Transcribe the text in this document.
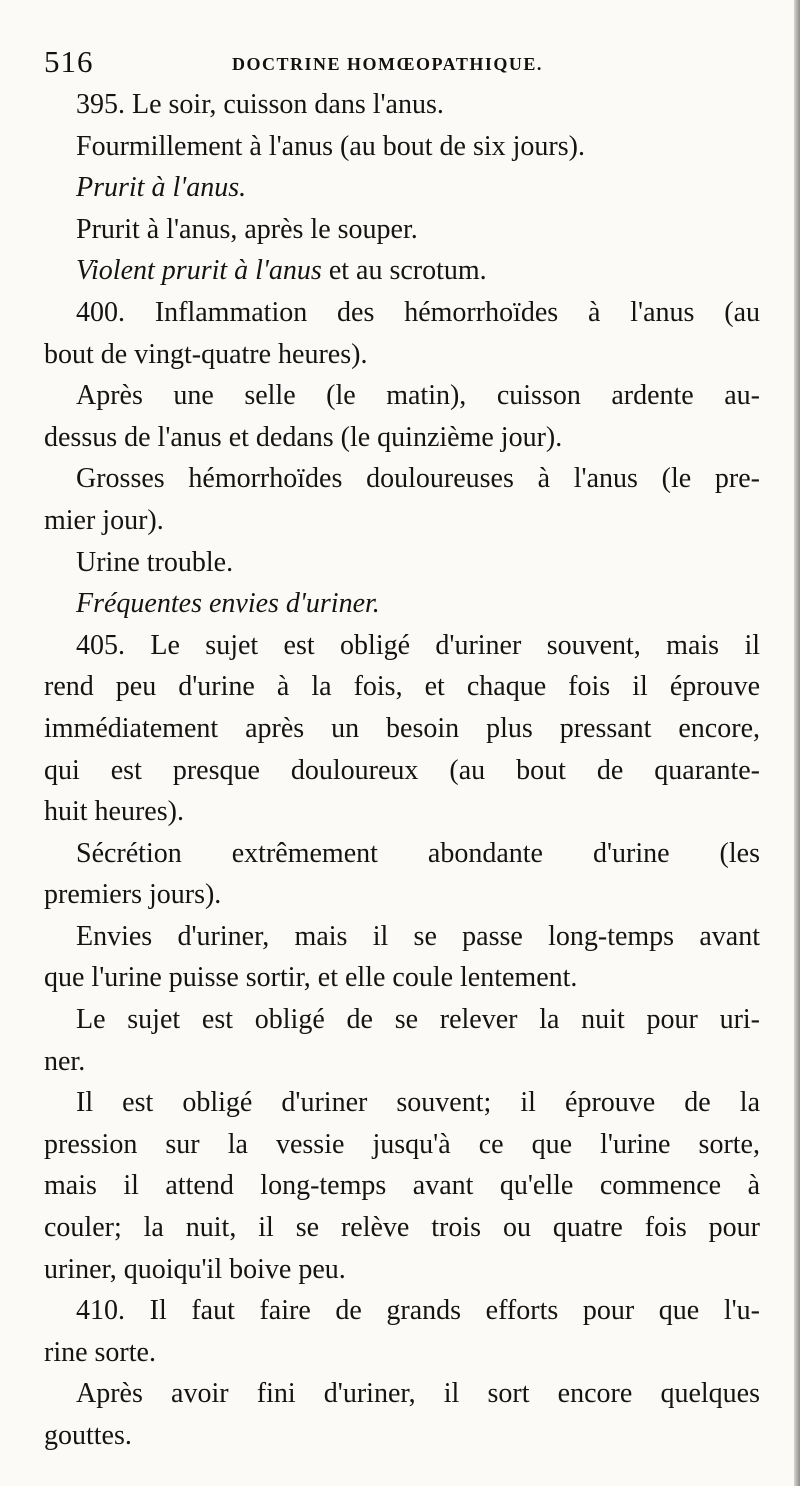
516	DOCTRINE HOMŒOPATHIQUE.
395. Le soir, cuisson dans l'anus.
Fourmillement à l'anus (au bout de six jours).
Prurit à l'anus.
Prurit à l'anus, après le souper.
Violent prurit à l'anus et au scrotum.
400. Inflammation des hémorrhoïdes à l'anus (au
bout de vingt-quatre heures).
Après une selle (le matin), cuisson ardente au-
dessus de l'anus et dedans (le quinzième jour).
Grosses hémorrhoïdes douloureuses à l'anus (le pre-
mier jour).
Urine trouble.
Fréquentes envies d'uriner.
405. Le sujet est obligé d'uriner souvent, mais il
rend peu d'urine à la fois, et chaque fois il éprouve
immédiatement après un besoin plus pressant encore,
qui est presque douloureux (au bout de quarante-
huit heures).
Sécrétion extrêmement abondante d'urine (les
premiers jours).
Envies d'uriner, mais il se passe long-temps avant
que l'urine puisse sortir, et elle coule lentement.
Le sujet est obligé de se relever la nuit pour uri-
ner.
Il est obligé d'uriner souvent; il éprouve de la
pression sur la vessie jusqu'à ce que l'urine sorte,
mais il attend long-temps avant qu'elle commence à
couler; la nuit, il se relève trois ou quatre fois pour
uriner, quoiqu'il boive peu.
410. Il faut faire de grands efforts pour que l'u-
rine sorte.
Après avoir fini d'uriner, il sort encore quelques
gouttes.
